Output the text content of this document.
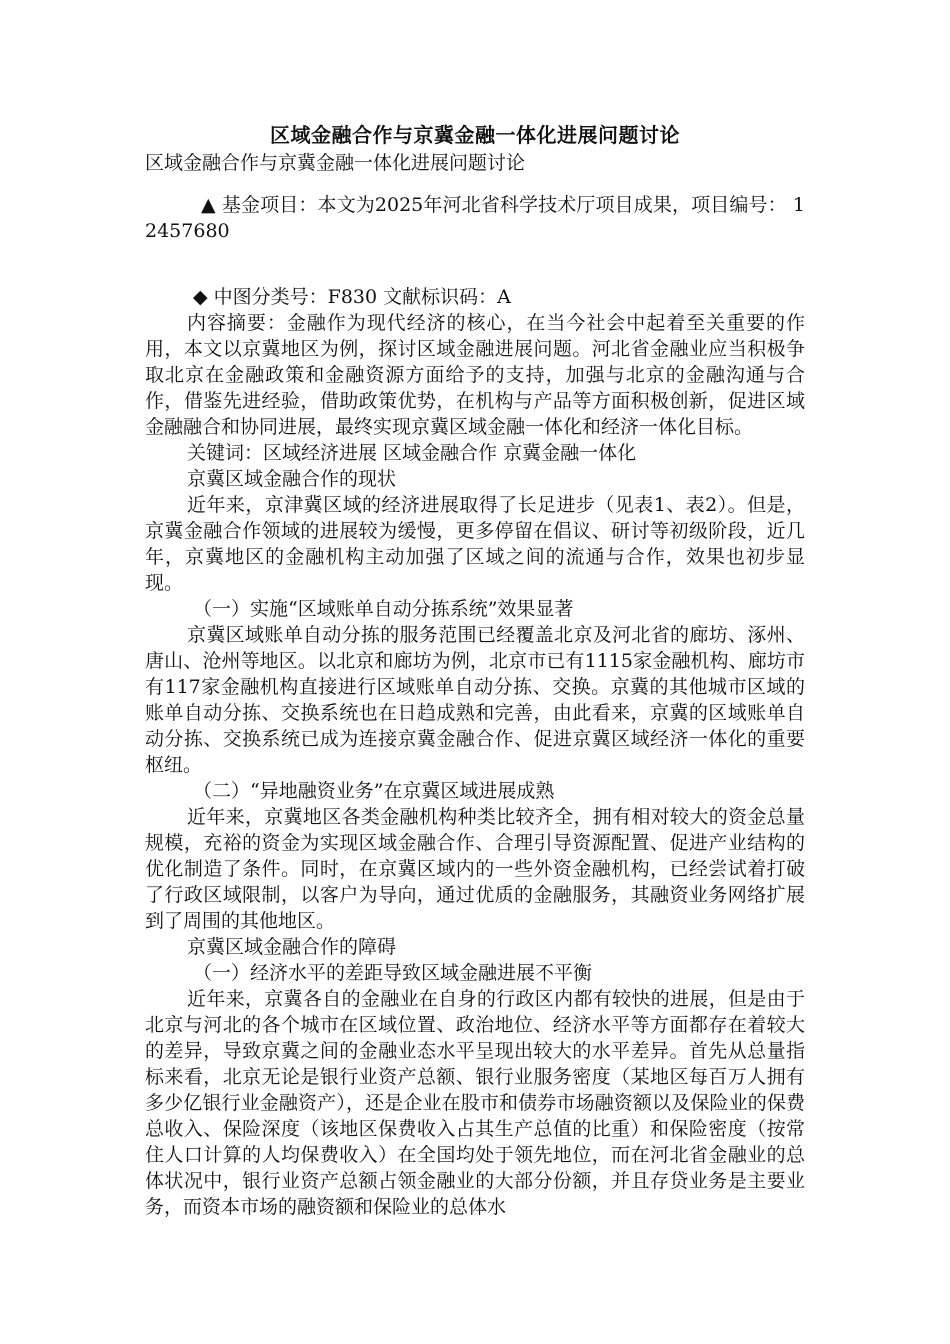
区域金融合作与京冀金融一体化进展问题讨论

区域金融合作与京冀金融一体化进展问题讨论

▲ 基金项目：本文为2025年河北省科学技术厅项目成果，项目编号： 12457680

◆ 中图分类号：F830 文献标识码：A

内容摘要：金融作为现代经济的核心，在当今社会中起着至关重要的作用，本文以京冀地区为例，探讨区域金融进展问题。河北省金融业应当积极争取北京在金融政策和金融资源方面给予的支持，加强与北京的金融沟通与合作，借鉴先进经验，借助政策优势，在机构与产品等方面积极创新，促进区域金融融合和协同进展，最终实现京冀区域金融一体化和经济一体化目标。

关键词：区域经济进展 区域金融合作 京冀金融一体化

京冀区域金融合作的现状

近年来，京津冀区域的经济进展取得了长足进步（见表1、表2）。但是，京冀金融合作领域的进展较为缓慢，更多停留在倡议、研讨等初级阶段，近几年，京冀地区的金融机构主动加强了区域之间的流通与合作，效果也初步显现。

（一）实施“区域账单自动分拣系统”效果显著

京冀区域账单自动分拣的服务范围已经覆盖北京及河北省的廊坊、涿州、唐山、沧州等地区。以北京和廊坊为例，北京市已有1115家金融机构、廊坊市有117家金融机构直接进行区域账单自动分拣、交换。京冀的其他城市区域的账单自动分拣、交换系统也在日趋成熟和完善，由此看来，京冀的区域账单自动分拣、交换系统已成为连接京冀金融合作、促进京冀区域经济一体化的重要枢纽。

（二）“异地融资业务”在京冀区域进展成熟

近年来，京冀地区各类金融机构种类比较齐全，拥有相对较大的资金总量规模，充裕的资金为实现区域金融合作、合理引导资源配置、促进产业结构的优化制造了条件。同时，在京冀区域内的一些外资金融机构，已经尝试着打破了行政区域限制，以客户为导向，通过优质的金融服务，其融资业务网络扩展到了周围的其他地区。

京冀区域金融合作的障碍

（一）经济水平的差距导致区域金融进展不平衡

近年来，京冀各自的金融业在自身的行政区内都有较快的进展，但是由于北京与河北的各个城市在区域位置、政治地位、经济水平等方面都存在着较大的差异，导致京冀之间的金融业态水平呈现出较大的水平差异。首先从总量指标来看，北京无论是银行业资产总额、银行业服务密度（某地区每百万人拥有多少亿银行业金融资产），还是企业在股市和债券市场融资额以及保险业的保费总收入、保险深度（该地区保费收入占其生产总值的比重）和保险密度（按常住人口计算的人均保费收入）在全国均处于领先地位，而在河北省金融业的总体状况中，银行业资产总额占领金融业的大部分份额，并且存贷业务是主要业务，而资本市场的融资额和保险业的总体水
